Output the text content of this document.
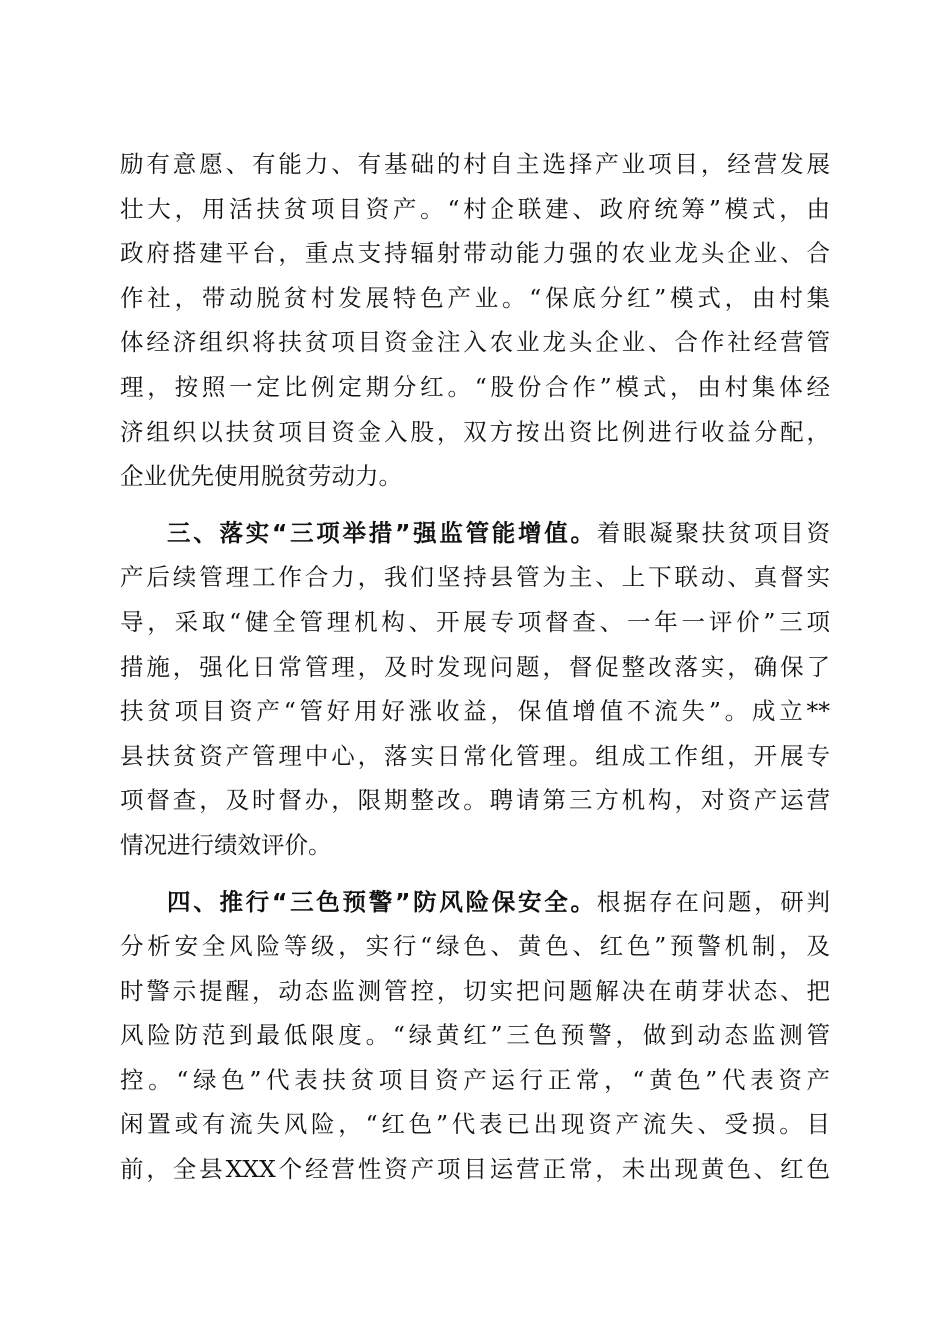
励有意愿、有能力、有基础的村自主选择产业项目，经营发展
壮大，用活扶贫项目资产。“村企联建、政府统筹”模式，由
政府搭建平台，重点支持辐射带动能力强的农业龙头企业、合
作社，带动脱贫村发展特色产业。“保底分红”模式，由村集
体经济组织将扶贫项目资金注入农业龙头企业、合作社经营管
理，按照一定比例定期分红。“股份合作”模式，由村集体经
济组织以扶贫项目资金入股，双方按出资比例进行收益分配，
企业优先使用脱贫劳动力。
三、落实“三项举措”强监管能增值。着眼凝聚扶贫项目资
产后续管理工作合力，我们坚持县管为主、上下联动、真督实
导，采取“健全管理机构、开展专项督查、一年一评价”三项
措施，强化日常管理，及时发现问题，督促整改落实，确保了
扶贫项目资产“管好用好涨收益，保值增值不流失”。成立**
县扶贫资产管理中心，落实日常化管理。组成工作组，开展专
项督查，及时督办，限期整改。聘请第三方机构，对资产运营
情况进行绩效评价。
四、推行“三色预警”防风险保安全。根据存在问题，研判
分析安全风险等级，实行“绿色、黄色、红色”预警机制，及
时警示提醒，动态监测管控，切实把问题解决在萌芽状态、把
风险防范到最低限度。“绿黄红”三色预警，做到动态监测管
控。“绿色”代表扶贫项目资产运行正常，“黄色”代表资产
闲置或有流失风险，“红色”代表已出现资产流失、受损。目
前，全县XXX个经营性资产项目运营正常，未出现黄色、红色
